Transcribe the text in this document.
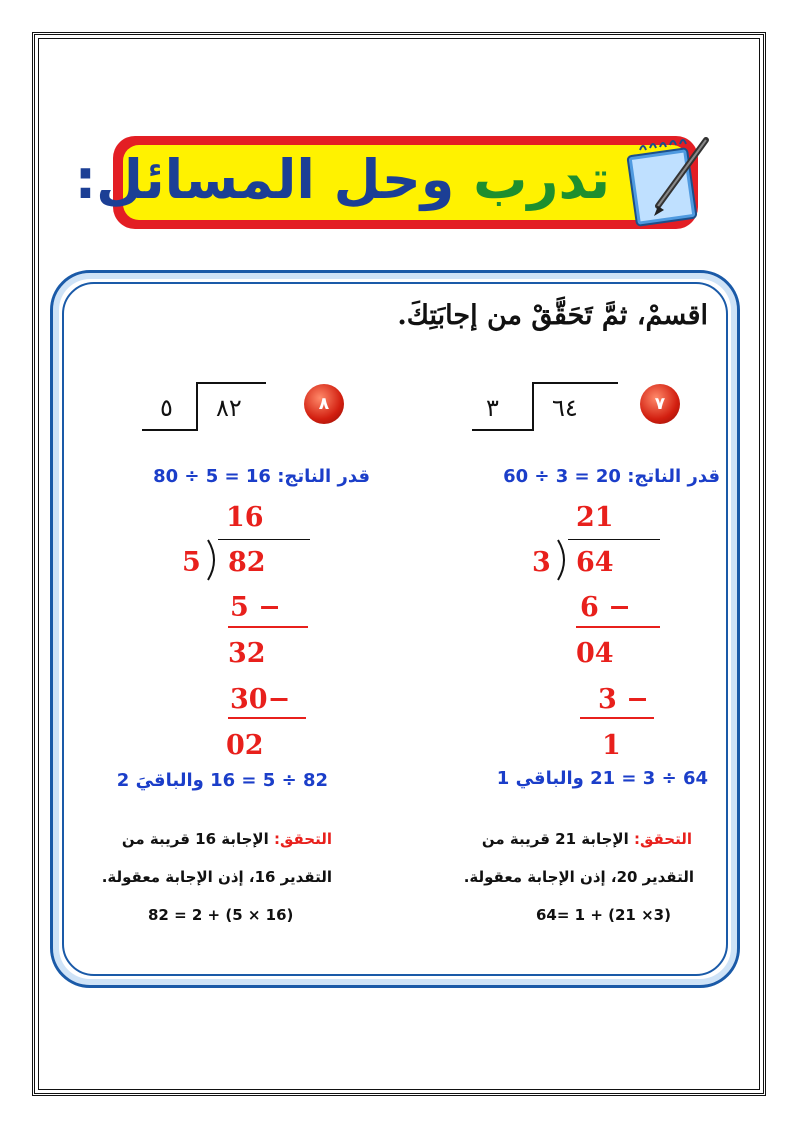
تدرب وحل المسائل:
اقسمْ، ثمَّ تَحَقَّقْ من إجابَتِكَ.
٧
٣ ٦٤
قدر الناتج: 60 ÷ 3 = 20
21
3 64
6 −
04
3 −
1
64 ÷ 3 = 21 والباقي 1
التحقق: الإجابة 21 قريبة من
التقدير 20، إذن الإجابة معقولة.
64= 1 + (21 ×3)
٨
٥ ٨٢
قدر الناتج: 80 ÷ 5 = 16
16
5 82
5 −
32
30−
02
82 ÷ 5 = 16 والباقيَ 2
التحقق: الإجابة 16 قريبة من
التقدير 16، إذن الإجابة معقولة.
82 = 2 + (5 × 16)
